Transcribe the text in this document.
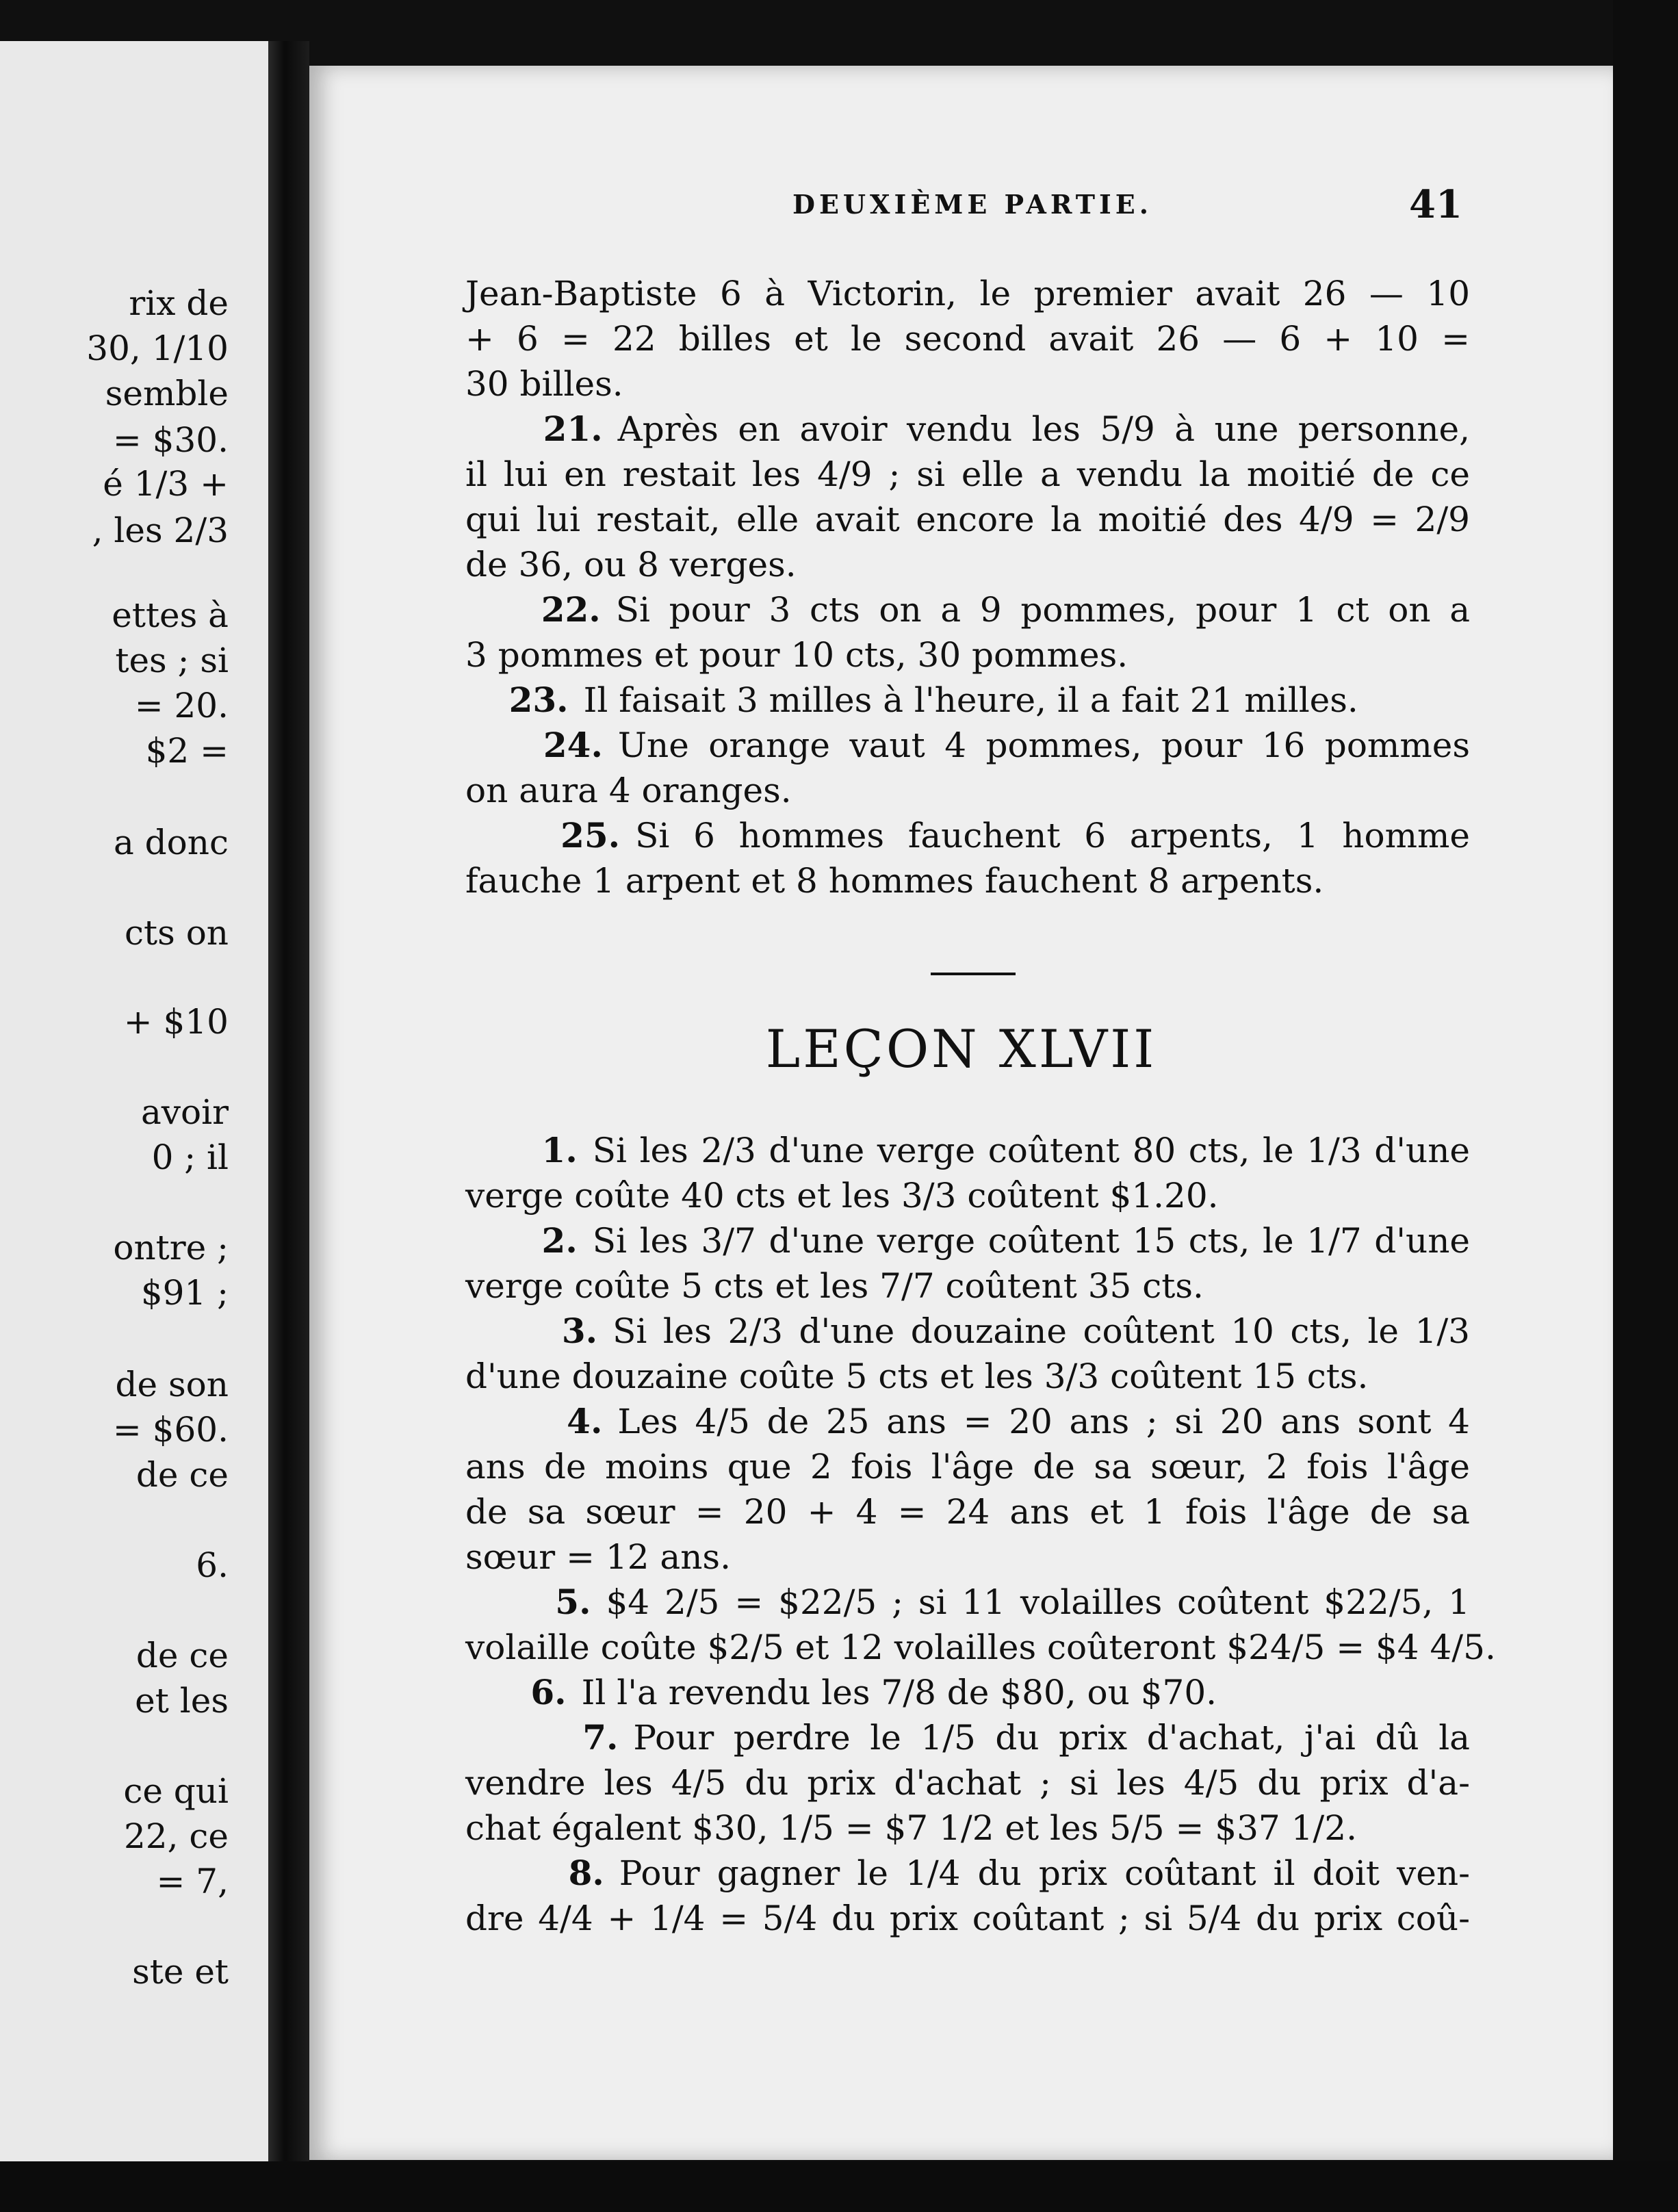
rix de
30, 1/10
semble
= $30.
é 1/3 +
, les 2/3
ettes à
tes ; si
= 20.
$2 =
a donc
cts on
+ $10
avoir
0 ; il
ontre ;
$91 ;
de son
= $60.
de ce
6.
de ce
et les
ce qui
22, ce
= 7,
ste et
DEUXIÈME PARTIE.	41
Jean-Baptiste 6 à Victorin, le premier avait 26 — 10
+ 6 = 22 billes et le second avait 26 — 6 + 10 =
30 billes.
21. Après en avoir vendu les 5/9 à une personne,
il lui en restait les 4/9 ; si elle a vendu la moitié de ce
qui lui restait, elle avait encore la moitié des 4/9 = 2/9
de 36, ou 8 verges.
22. Si pour 3 cts on a 9 pommes, pour 1 ct on a
3 pommes et pour 10 cts, 30 pommes.
23. Il faisait 3 milles à l'heure, il a fait 21 milles.
24. Une orange vaut 4 pommes, pour 16 pommes
on aura 4 oranges.
25. Si 6 hommes fauchent 6 arpents, 1 homme
fauche 1 arpent et 8 hommes fauchent 8 arpents.
LEÇON XLVII
1. Si les 2/3 d'une verge coûtent 80 cts, le 1/3 d'une
verge coûte 40 cts et les 3/3 coûtent $1.20.
2. Si les 3/7 d'une verge coûtent 15 cts, le 1/7 d'une
verge coûte 5 cts et les 7/7 coûtent 35 cts.
3. Si les 2/3 d'une douzaine coûtent 10 cts, le 1/3
d'une douzaine coûte 5 cts et les 3/3 coûtent 15 cts.
4. Les 4/5 de 25 ans = 20 ans ; si 20 ans sont 4
ans de moins que 2 fois l'âge de sa sœur, 2 fois l'âge
de sa sœur = 20 + 4 = 24 ans et 1 fois l'âge de sa
sœur = 12 ans.
5. $4 2/5 = $22/5 ; si 11 volailles coûtent $22/5, 1
volaille coûte $2/5 et 12 volailles coûteront $24/5 = $4 4/5.
6. Il l'a revendu les 7/8 de $80, ou $70.
7. Pour perdre le 1/5 du prix d'achat, j'ai dû la
vendre les 4/5 du prix d'achat ; si les 4/5 du prix d'a-
chat égalent $30, 1/5 = $7 1/2 et les 5/5 = $37 1/2.
8. Pour gagner le 1/4 du prix coûtant il doit ven-
dre 4/4 + 1/4 = 5/4 du prix coûtant ; si 5/4 du prix coû-
